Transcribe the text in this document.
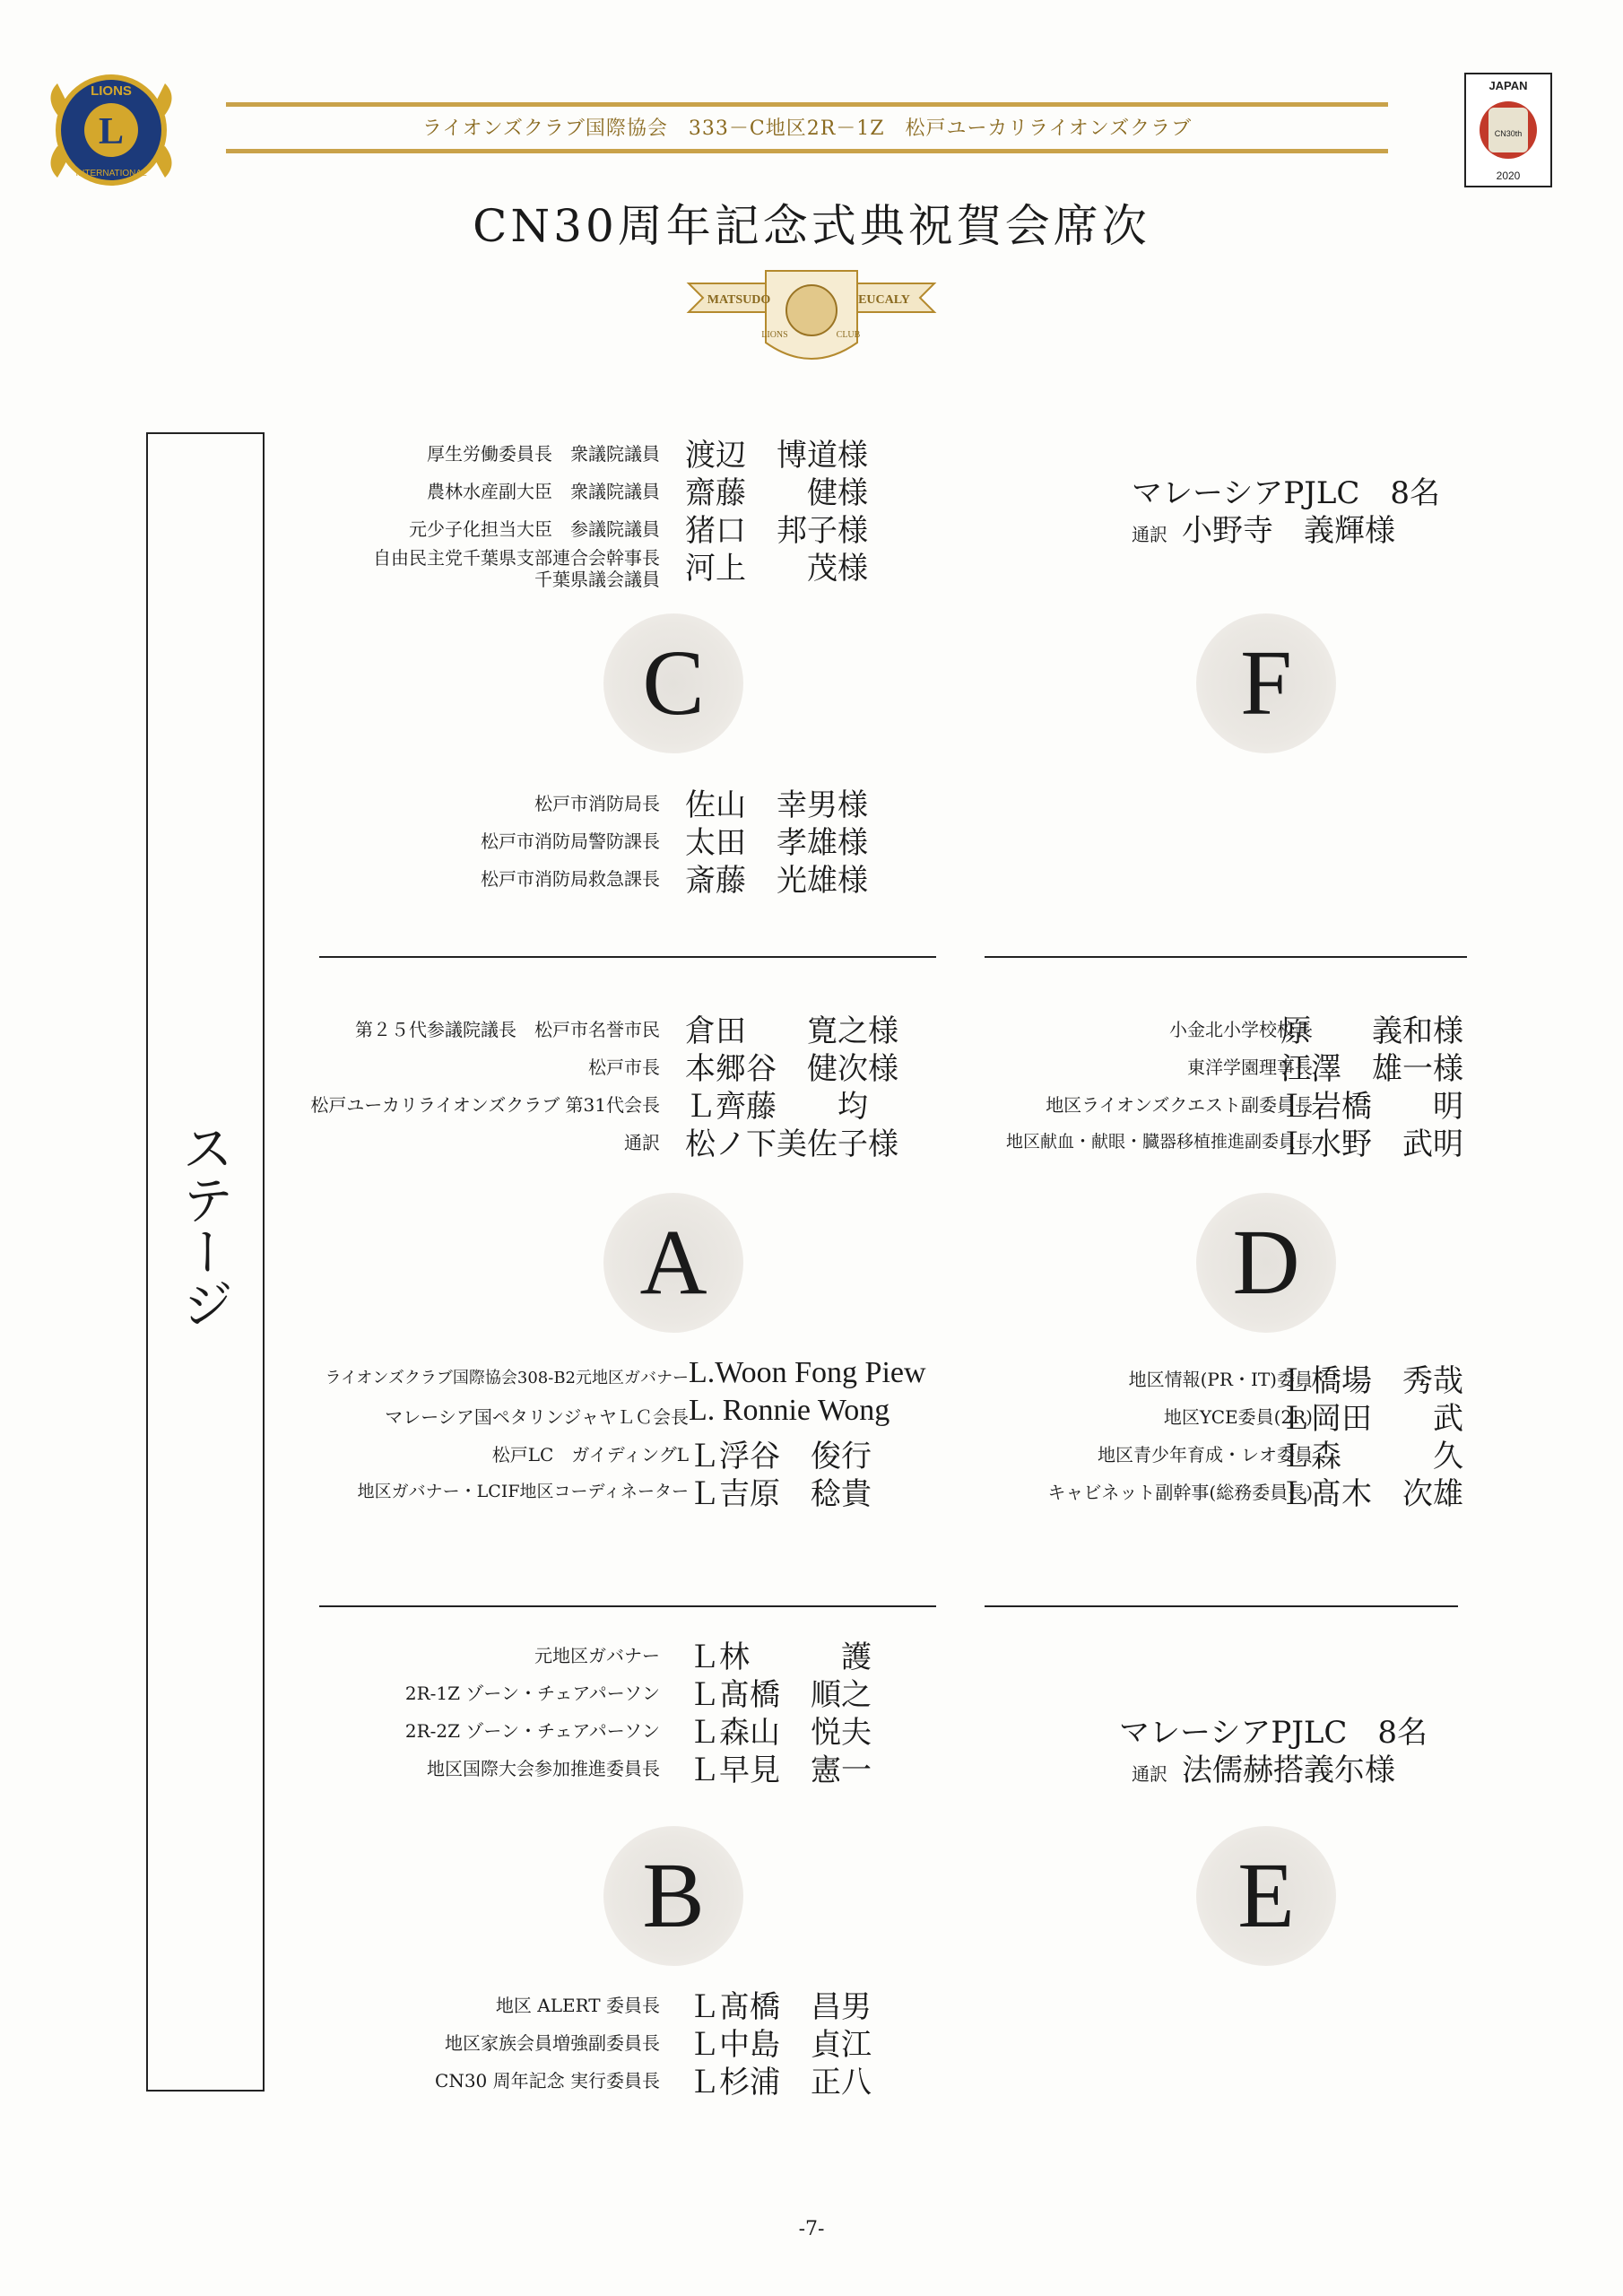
L
LIONS
INTERNATIONAL
ライオンズクラブ国際協会　333－C地区2R－1Z　松戸ユーカリライオンズクラブ
JAPAN
CN30th
2020
CN30周年記念式典祝賀会席次
MATSUDO	EUCALY
LIONS	CLUB
ステージ
厚生労働委員長　衆議院議員 渡辺　博道様
農林水産副大臣　衆議院議員 齋藤　　健様
元少子化担当大臣　参議院議員 猪口　邦子様
自由民主党千葉県支部連合会幹事長
千葉県議会議員 河上　　茂様
C
松戸市消防局長 佐山　幸男様
松戸市消防局警防課長 太田　孝雄様
松戸市消防局救急課長 斎藤　光雄様
マレーシアPJLC　8名
通訳 小野寺　義輝様
F
第２５代参議院議長　松戸市名誉市民 倉田　　寛之様
松戸市長 本郷谷　健次様
松戸ユーカリライオンズクラブ 第31代会長 Ｌ齊藤　　均
通訳 松ノ下美佐子様
A
ライオンズクラブ国際協会308-B2元地区ガバナー L.Woon Fong Piew
マレーシア国ペタリンジャヤＬＣ会長 L. Ronnie Wong
松戸LC　ガイディングL Ｌ浮谷　俊行
地区ガバナー・LCIF地区コーディネーター Ｌ吉原　稔貴
小金北小学校校長
原　　義和様
東洋学園理事長
江澤　雄一様
地区ライオンズクエスト副委員長
Ｌ岩橋　　明
地区献血・献眼・臓器移植推進副委員長
Ｌ水野　武明
D
地区情報(PR・IT)委員
Ｌ橋場　秀哉
地区YCE委員(2R)
Ｌ岡田　　武
地区青少年育成・レオ委員
Ｌ森　　　久
キャビネット副幹事(総務委員長)
Ｌ髙木　次雄
元地区ガバナー Ｌ林　　　護
2R-1Z ゾーン・チェアパーソン Ｌ髙橋　順之
2R-2Z ゾーン・チェアパーソン Ｌ森山　悦夫
地区国際大会参加推進委員長 Ｌ早見　憲一
B
地区 ALERT 委員長 Ｌ髙橋　昌男
地区家族会員増強副委員長 Ｌ中島　貞江
CN30 周年記念 実行委員長 Ｌ杉浦　正八
マレーシアPJLC　8名
通訳 法儒赫搭義尓様
E
-7-
